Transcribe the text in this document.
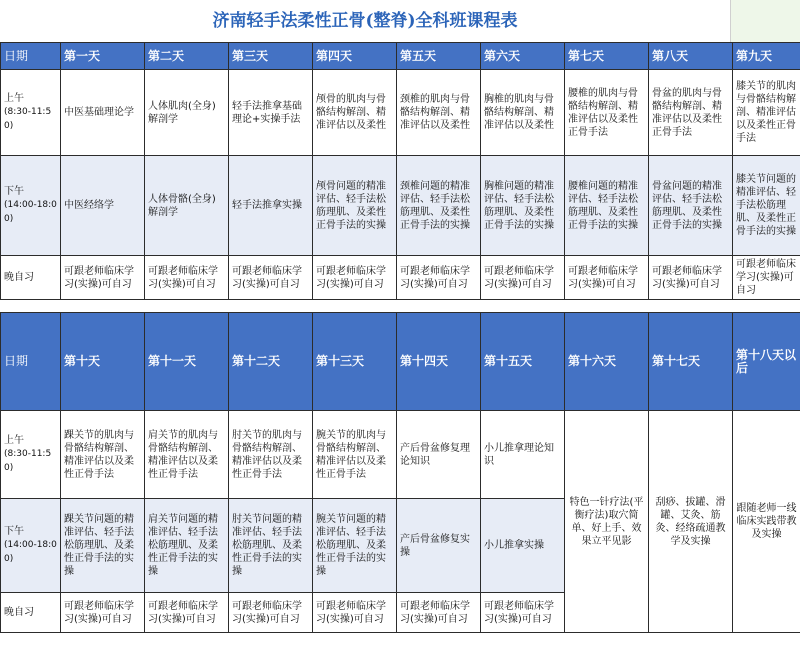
济南轻手法柔性正骨(整脊)全科班课程表
日期	第一天	第二天	第三天	第四天	第五天	第六天	第七天	第八天	第九天
上午
(8:30-11:50)	中医基础理论学	人体肌肉(全身)解剖学	轻手法推拿基础理论+实操手法	颅骨的肌肉与骨骼结构解剖、精准评估以及柔性	颈椎的肌肉与骨骼结构解剖、精准评估以及柔性	胸椎的肌肉与骨骼结构解剖、精准评估以及柔性	腰椎的肌肉与骨骼结构解剖、精准评估以及柔性正骨手法	骨盆的肌肉与骨骼结构解剖、精准评估以及柔性正骨手法	膝关节的肌肉与骨骼结构解剖、精准评估以及柔性正骨手法
下午
(14:00-18:00)	中医经络学	人体骨骼(全身)解剖学	轻手法推拿实操	颅骨问题的精准评估、轻手法松筋理肌、及柔性正骨手法的实操	颈椎问题的精准评估、轻手法松筋理肌、及柔性正骨手法的实操	胸椎问题的精准评估、轻手法松筋理肌、及柔性正骨手法的实操	腰椎问题的精准评估、轻手法松筋理肌、及柔性正骨手法的实操	骨盆问题的精准评估、轻手法松筋理肌、及柔性正骨手法的实操	膝关节问题的精准评估、轻手法松筋理肌、及柔性正骨手法的实操
晚自习	可跟老师临床学习(实操)可自习	可跟老师临床学习(实操)可自习	可跟老师临床学习(实操)可自习	可跟老师临床学习(实操)可自习	可跟老师临床学习(实操)可自习	可跟老师临床学习(实操)可自习	可跟老师临床学习(实操)可自习	可跟老师临床学习(实操)可自习	可跟老师临床学习(实操)可自习
日期	第十天	第十一天	第十二天	第十三天	第十四天	第十五天	第十六天	第十七天	第十八天以后
上午
(8:30-11:50)	踝关节的肌肉与骨骼结构解剖、精准评估以及柔性正骨手法	肩关节的肌肉与骨骼结构解剖、精准评估以及柔性正骨手法	肘关节的肌肉与骨骼结构解剖、精准评估以及柔性正骨手法	腕关节的肌肉与骨骼结构解剖、精准评估以及柔性正骨手法	产后骨盆修复理论知识	小儿推拿理论知识	特色一针疗法(平衡疗法)取穴简单、好上手、效果立平见影	刮痧、拔罐、滑罐、艾灸、筋灸、经络疏通教学及实操	跟随老师一线临床实践带教及实操
下午
(14:00-18:00)	踝关节问题的精准评估、轻手法松筋理肌、及柔性正骨手法的实操	肩关节问题的精准评估、轻手法松筋理肌、及柔性正骨手法的实操	肘关节问题的精准评估、轻手法松筋理肌、及柔性正骨手法的实操	腕关节问题的精准评估、轻手法松筋理肌、及柔性正骨手法的实操	产后骨盆修复实操	小儿推拿实操			
晚自习	可跟老师临床学习(实操)可自习	可跟老师临床学习(实操)可自习	可跟老师临床学习(实操)可自习	可跟老师临床学习(实操)可自习	可跟老师临床学习(实操)可自习	可跟老师临床学习(实操)可自习			
